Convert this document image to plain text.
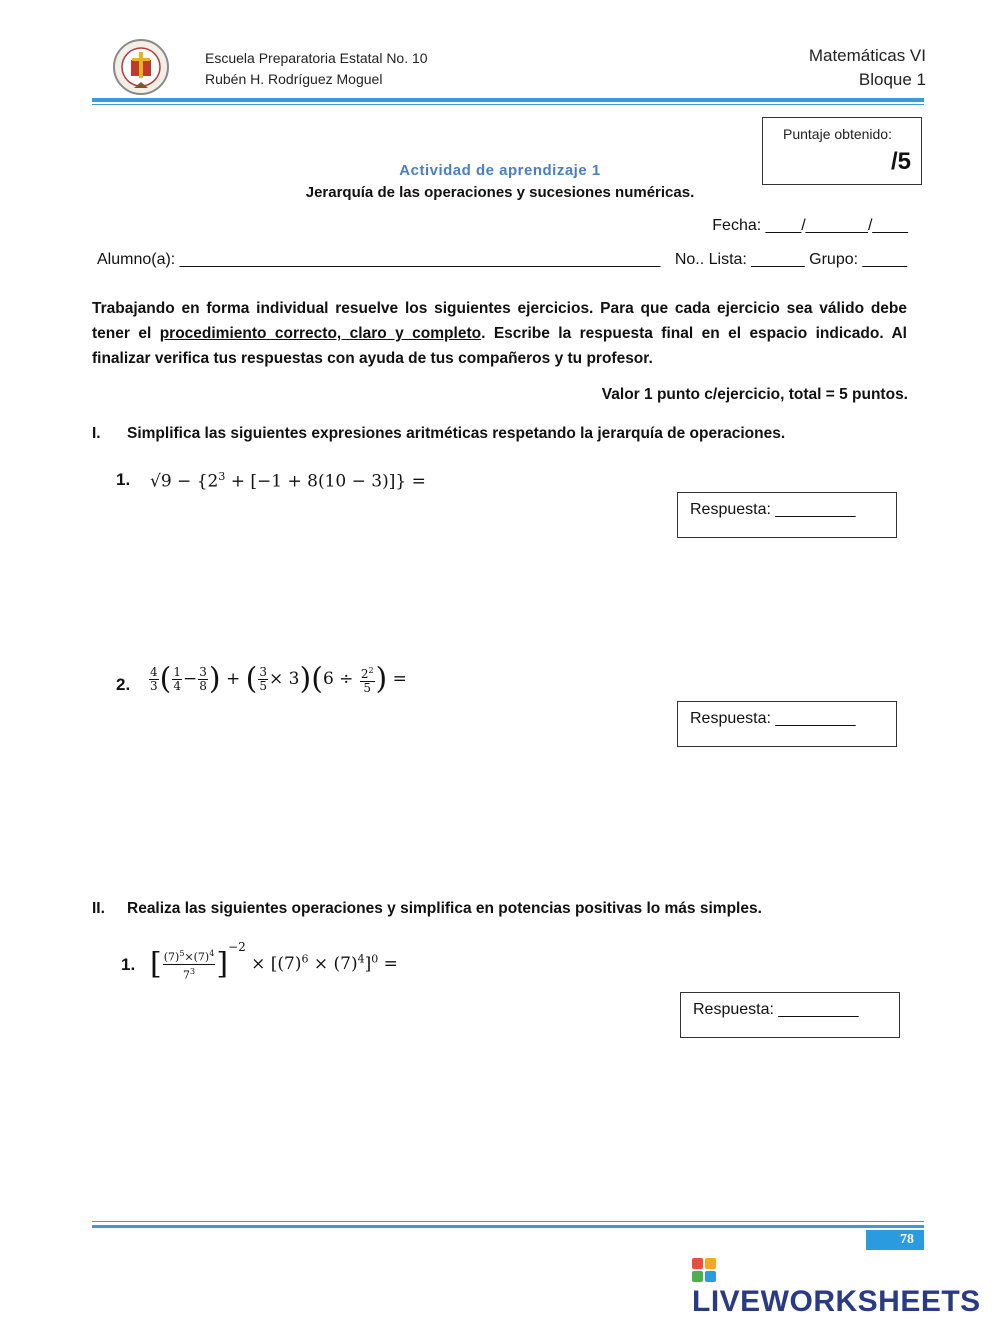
Escuela Preparatoria Estatal No. 10
Rubén H. Rodríguez Moguel
Matemáticas VI
Bloque 1
Puntaje obtenido:
/5
Actividad de aprendizaje 1
Jerarquía de las operaciones y sucesiones numéricas.
Fecha: ____/_______/____
Alumno(a): ______________________________________________________ No.. Lista: ______ Grupo: _____
Trabajando en forma individual resuelve los siguientes ejercicios. Para que cada ejercicio sea válido debe tener el procedimiento correcto, claro y completo. Escribe la respuesta final en el espacio indicado. Al finalizar verifica tus respuestas con ayuda de tus compañeros y tu profesor.
Valor 1 punto c/ejercicio, total = 5 puntos.
I. Simplifica las siguientes expresiones aritméticas respetando la jerarquía de operaciones.
1. $√9 - \{2^3 + [-1 + 8(10 - 3)]\}$ =
Respuesta: _________
2. $\frac{4}{3}$ ( $\frac{1}{4} - \frac{3}{8}$ ) + ( $\frac{3}{5} \times 3)(6 \div \frac{2^2}{5}$ ) =
Respuesta: _________
II. Realiza las siguientes operaciones y simplifica en potencias positivas lo más simples.
1. [ $\frac{(7)^5\times(7)^4}{7^3} ]^{-2} \times [(7)^6 \times (7)^4]^0$ =
Respuesta: _________
78
LIVEWORKSHEETS
